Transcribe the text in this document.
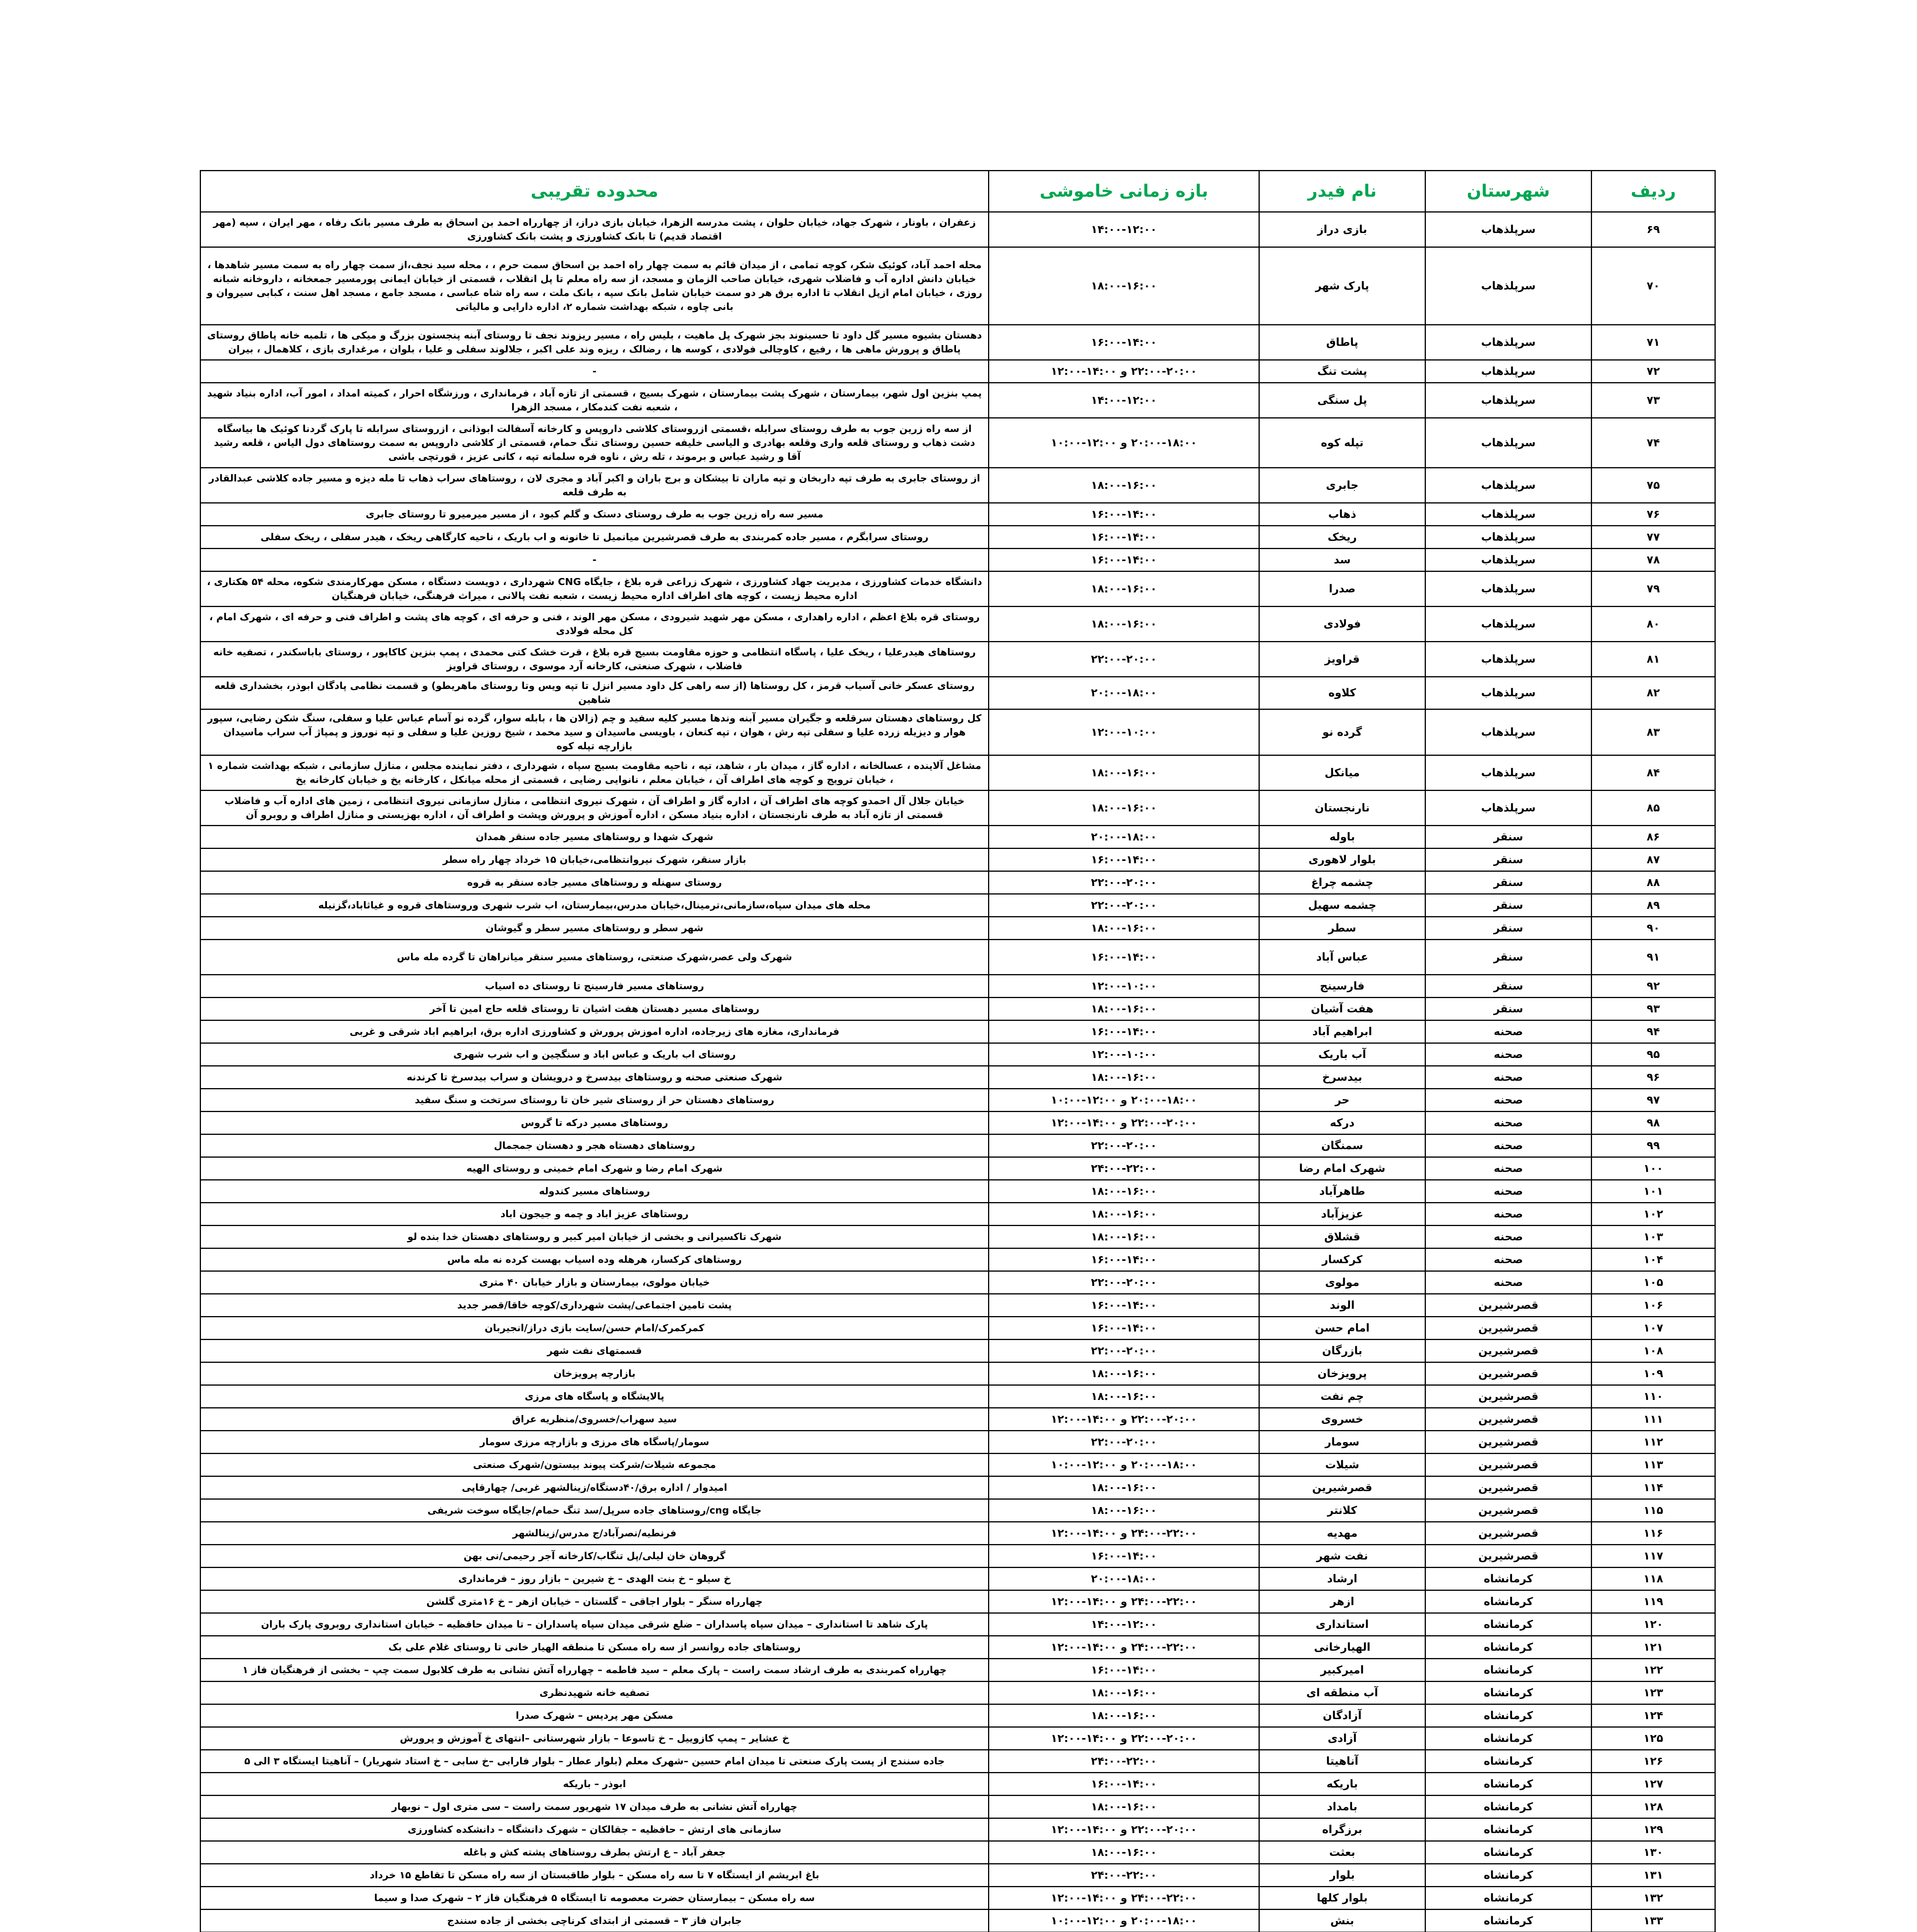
ردیف	شهرستان	نام فیدر	بازه زمانی خاموشی	محدوده تقریبی
۶۹	سرپلذهاب	بازی دراز	۱۴:۰۰-۱۲:۰۰	زعفران ، باونار ، شهرک جهاد، خیابان حلوان ، پشت مدرسه الزهرا، خیابان بازی دراز، از چهارراه احمد بن اسحاق به طرف مسیر بانک رفاه ، مهر ایران ، سپه (مهر اقتصاد قدیم) تا بانک کشاورزی و پشت بانک کشاورزی
۷۰	سرپلذهاب	پارک شهر	۱۸:۰۰-۱۶:۰۰	محله احمد آباد، کوئیک شکر، کوچه تمامی ، از میدان قائم به سمت چهار راه احمد بن اسحاق سمت حرم ، ، محله سید نجف،از سمت چهار راه به سمت مسیر شاهدها ، خیابان دانش اداره آب و فاضلاب شهری، خیابان صاحب الزمان و مسجد، از سه راه معلم تا پل انقلاب ، قسمتی از خیابان ایمانی پورمسیر جمعخانه ، داروخانه شبانه روزی ، خیابان امام ازپل انقلاب تا اداره برق هر دو سمت خیابان شامل بانک سپه ، بانک ملت ، سه راه شاه عباسی ، مسجد جامع ، مسجد اهل سنت ، کبابی سیروان و بانی چاوه ، شبکه بهداشت شماره ۲، اداره دارایی و مالیاتی
۷۱	سرپلذهاب	پاطاق	۱۶:۰۰-۱۴:۰۰	دهستان بشیوه مسیر گل داود تا حسینوند بجز شهرک پل ماهیت ، بلیس راه ، مسیر ریزوند نجف تا روستای آبنه پنجستون بزرگ و میکی ها ، تلمبه خانه پاطاق روستای پاطاق و پرورش ماهی ها ، رفیع ، کاوچالی فولادی ، کوسه ها ، رضالک ، ریزه وند علی اکبر ، جلالوند سفلی و علیا ، بلوان ، مرغداری بازی ، کلاهمال ، بیران
۷۲	سرپلذهاب	پشت تنگ	۲۲:۰۰-۲۰:۰۰ و ۱۴:۰۰-۱۲:۰۰	-
۷۳	سرپلذهاب	پل سنگی	۱۴:۰۰-۱۲:۰۰	پمپ بنزین اول شهر، بیمارستان ، شهرک پشت بیمارستان ، شهرک بسیج ، قسمتی از تازه آباد ، فرمانداری ، ورزشگاه احرار ، کمیته امداد ، امور آب، اداره بنیاد شهید ، شعبه نفت کندمکار ، مسجد الزهرا
۷۴	سرپلذهاب	تپله کوه	۲۰:۰۰-۱۸:۰۰ و ۱۲:۰۰-۱۰:۰۰	از سه راه زرین جوب به طرف روستای سرابله ،قسمتی ازروستای کلاشی داروپس و کارخانه آسفالت ابوذانی ، ازروستای سرابله تا پارک گردنا کوئیک ها بیاسگاه دشت ذهاب و روستای قلعه واری وقلعه بهادری و الیاسی خلیفه حسین روستای تنگ حمام، قسمتی از کلاشی داروپس به سمت روستاهای دول الیاس ، قلعه رشید آقا و رشید عباس و برموند ، تله رش ، ناوه فره سلمانه تپه ، کانی عزیز ، قورتچی باشی
۷۵	سرپلذهاب	جابری	۱۸:۰۰-۱۶:۰۰	از روستای جابری به طرف تپه داربخان و تپه ماران تا بیشکان و برج باران و اکبر آباد و مجری لان ، روستاهای سراب ذهاب تا مله دیزه و مسیر جاده کلاشی عبدالقادر به طرف قلعه
۷۶	سرپلذهاب	ذهاب	۱۶:۰۰-۱۴:۰۰	مسیر سه راه زرین جوب به طرف روستای دستک و گلم کبود ، از مسیر میرمیرو تا روستای جابری
۷۷	سرپلذهاب	ریخک	۱۶:۰۰-۱۴:۰۰	روستای سرابگرم ، مسیر جاده کمربندی به طرف قصرشیرین میانمیل تا خانونه و اب باریک ، ناحیه کارگاهی ریخک ، هیدر سفلی ، ریخک سفلی
۷۸	سرپلذهاب	سد	۱۶:۰۰-۱۴:۰۰	-
۷۹	سرپلذهاب	صدرا	۱۸:۰۰-۱۶:۰۰	دانشگاه خدمات کشاورزی ، مدیریت جهاد کشاورزی ، شهرک زراعی قره بلاغ ، جایگاه CNG شهرداری ، دویست دستگاه ، مسکن مهرکارمندی شکوه، محله ۵۴ هکتاری ، اداره محیط زیست ، کوچه های اطراف اداره محیط زیست ، شعبه نفت پالانی ، میراث فرهنگی، خیابان فرهنگیان
۸۰	سرپلذهاب	فولادی	۱۸:۰۰-۱۶:۰۰	روستای قره بلاغ اعظم ، اداره راهداری ، مسکن مهر شهید شیرودی ، مسکن مهر الوند ، فنی و حرفه ای ، کوچه های پشت و اطراف فنی و حرفه ای ، شهرک امام ، کل محله فولادی
۸۱	سرپلذهاب	قراویز	۲۲:۰۰-۲۰:۰۰	روستاهای هیدرعلیا ، ریخک علیا ، پاسگاه انتظامی و حوزه مقاومت بسیج قره بلاغ ، قرت خشک کتی محمدی ، پمپ بنزین کاکاپور ، روستای باباسکندر ، تصفیه خانه فاضلاب ، شهرک صنعتی، کارخانه آرد موسوی ، روستای قراویز
۸۲	سرپلذهاب	کلاوه	۲۰:۰۰-۱۸:۰۰	روستای عسکر خانی آسیاب قرمز ، کل روستاها (از سه راهی کل داود مسیر انزل تا تپه ویس وتا روستای ماهریطو) و قسمت نظامی پادگان ابوذر، بخشداری قلعه شاهین
۸۳	سرپلذهاب	گرده نو	۱۲:۰۰-۱۰:۰۰	کل روستاهای دهستان سرقلعه و جگیران مسیر آبنه وندها مسیر کلیه سفید و چم (زالان ها ، بابله سوار، گرده نو آسام عباس علیا و سفلی، سنگ شکن رضایی، سپور هوار و دیزیله زرده علیا و سفلی تپه رش ، هوان ، تپه کنعان ، باویسی ماسیدان و سید محمد ، شیخ روزین علیا و سفلی و تپه نوروز و پمپاژ آب سراب ماسیدان بازارچه تپله کوه
۸۴	سرپلذهاب	میانکل	۱۸:۰۰-۱۶:۰۰	مشاغل آلاینده ، عسالخانه ، اداره گاز ، میدان بار ، شاهد، تپه ، ناحیه مقاومت بسیج سپاه ، شهرداری ، دفتر نماینده مجلس ، منازل سازمانی ، شبکه بهداشت شماره ۱ ، خیابان ترویج و کوچه های اطراف آن ، خیابان معلم ، نانوایی رضایی ، قسمتی از محله میانکل ، کارخانه یخ و خیابان کارخانه یخ
۸۵	سرپلذهاب	نارنجستان	۱۸:۰۰-۱۶:۰۰	خیابان جلال آل احمدو کوچه های اطراف آن ، اداره گاز و اطراف آن ، شهرک نیروی انتظامی ، منازل سازمانی نیروی انتظامی ، زمین های اداره آب و فاضلاب قسمتی از تازه آباد به طرف نارنجستان ، اداره بنیاد مسکن ، اداره آموزش و پرورش وپشت و اطراف آن ، اداره بهزیستی و منازل اطراف و روبرو آن
۸۶	سنقر	باوله	۲۰:۰۰-۱۸:۰۰	شهرک شهدا و روستاهای مسیر جاده سنقر همدان
۸۷	سنقر	بلوار لاهوری	۱۶:۰۰-۱۴:۰۰	بازار سنقر، شهرک نیروانتظامی،خیابان ۱۵ خرداد چهار راه سطر
۸۸	سنقر	چشمه چراغ	۲۲:۰۰-۲۰:۰۰	روستای سهنله و روستاهای مسیر جاده سنقر به قروه
۸۹	سنقر	چشمه سهیل	۲۲:۰۰-۲۰:۰۰	محله های میدان سپاه،سازمانی،ترمینال،خیابان مدرس،بیمارستان، اب شرب شهری وروستاهای قروه و غیاثاباد،گزنیله
۹۰	سنقر	سطر	۱۸:۰۰-۱۶:۰۰	شهر سطر و روستاهای مسیر سطر و گیوشان
۹۱	سنقر	عباس آباد	۱۶:۰۰-۱۴:۰۰	شهرک ولی عصر،شهرک صنعتی، روستاهای مسیر سنقر میانراهان تا گرده مله ماس
۹۲	سنقر	فارسینج	۱۲:۰۰-۱۰:۰۰	روستاهای مسیر فارسینج تا روستای ده اسیاب
۹۳	سنقر	هفت آشیان	۱۸:۰۰-۱۶:۰۰	روستاهای مسیر دهستان هفت اشیان تا روستای قلعه حاج امین تا آخر
۹۴	صحنه	ابراهیم آباد	۱۶:۰۰-۱۴:۰۰	فرمانداری، مغازه های زیرجاده، اداره اموزش پرورش و کشاورزی اداره برق، ابراهیم اباد شرقی و غربی
۹۵	صحنه	آب باریک	۱۲:۰۰-۱۰:۰۰	روستای اب باریک و عباس اباد و سنگچین و اب شرب شهری
۹۶	صحنه	بیدسرخ	۱۸:۰۰-۱۶:۰۰	شهرک صنعتی صحنه و روستاهای بیدسرخ و درویشان و سراب بیدسرخ تا کرندنه
۹۷	صحنه	حر	۲۰:۰۰-۱۸:۰۰ و ۱۲:۰۰-۱۰:۰۰	روستاهای دهستان حر از روستای شیر خان تا روستای سرتخت و سنگ سفید
۹۸	صحنه	درکه	۲۲:۰۰-۲۰:۰۰ و ۱۴:۰۰-۱۲:۰۰	روستاهای مسیر درکه تا گروس
۹۹	صحنه	سمنگان	۲۲:۰۰-۲۰:۰۰	روستاهای دهستاه هجر و دهستان جمجمال
۱۰۰	صحنه	شهرک امام رضا	۲۴:۰۰-۲۲:۰۰	شهرک امام رضا و شهرک امام خمینی و روستای الهیه
۱۰۱	صحنه	طاهرآباد	۱۸:۰۰-۱۶:۰۰	روستاهای مسیر کندوله
۱۰۲	صحنه	عزیزآباد	۱۸:۰۰-۱۶:۰۰	روستاهای عزیز اباد و چمه و جیجون اباد
۱۰۳	صحنه	قشلاق	۱۸:۰۰-۱۶:۰۰	شهرک تاکسیرانی و بخشی از خیابان امیر کبیر و روستاهای دهستان خدا بنده لو
۱۰۴	صحنه	کرکسار	۱۶:۰۰-۱۴:۰۰	روستاهای کرکسار، هرهله وده اسیاب بهست کرده نه مله ماس
۱۰۵	صحنه	مولوی	۲۲:۰۰-۲۰:۰۰	خیابان مولوی، بیمارستان و بازار خیابان ۴۰ متری
۱۰۶	قصرشیرین	الوند	۱۶:۰۰-۱۴:۰۰	پشت تامین اجتماعی/پشت شهرداری/کوچه خاقا/قصر جدید
۱۰۷	قصرشیرین	امام حسن	۱۶:۰۰-۱۴:۰۰	کمرکمرک/امام حسن/سایت بازی دراز/انجیربان
۱۰۸	قصرشیرین	بازرگان	۲۲:۰۰-۲۰:۰۰	قسمتهای نفت شهر
۱۰۹	قصرشیرین	پرویزخان	۱۸:۰۰-۱۶:۰۰	بازارچه پرویزخان
۱۱۰	قصرشیرین	چم نفت	۱۸:۰۰-۱۶:۰۰	پالایشگاه و پاسگاه های مرزی
۱۱۱	قصرشیرین	خسروی	۲۲:۰۰-۲۰:۰۰ و ۱۴:۰۰-۱۲:۰۰	سید سهراب/خسروی/منظریه عراق
۱۱۲	قصرشیرین	سومار	۲۲:۰۰-۲۰:۰۰	سومار/پاسگاه های مرزی و بازارچه مرزی سومار
۱۱۳	قصرشیرین	شیلات	۲۰:۰۰-۱۸:۰۰ و ۱۲:۰۰-۱۰:۰۰	مجموعه شیلات/شرکت پیوند بیستون/شهرک صنعتی
۱۱۴	قصرشیرین	قصرشیرین	۱۸:۰۰-۱۶:۰۰	امیدوار / اداره برق/۴۰دستگاه/زینالشهر غربی/ چهارقاپی
۱۱۵	قصرشیرین	کلانتر	۱۸:۰۰-۱۶:۰۰	جایگاه cng/روستاهای جاده سرپل/سد تنگ حمام/جایگاه سوخت شریفی
۱۱۶	قصرشیرین	مهدیه	۲۴:۰۰-۲۲:۰۰ و ۱۴:۰۰-۱۲:۰۰	فرنطیه/نصرآباد/ج مدرس/زینالشهر
۱۱۷	قصرشیرین	نفت شهر	۱۶:۰۰-۱۴:۰۰	گروهان خان لیلی/پل تنگاب/کارخانه آجر رحیمی/نی بهن
۱۱۸	کرمانشاه	ارشاد	۲۰:۰۰-۱۸:۰۰	خ سیلو – خ بنت الهدی – خ شیرین – بازار روز – فرمانداری
۱۱۹	کرمانشاه	ازهر	۲۴:۰۰-۲۲:۰۰ و ۱۴:۰۰-۱۲:۰۰	چهارراه سنگر – بلوار اجاقی – گلستان – خیابان ازهر – خ ۱۶متری گلشن
۱۲۰	کرمانشاه	استانداری	۱۴:۰۰-۱۲:۰۰	پارک شاهد تا استانداری – میدان سپاه پاسداران – ضلع شرقی میدان سپاه پاسداران – تا میدان حافظیه – خیابان استانداری روبروی پارک باران
۱۲۱	کرمانشاه	الهیارخانی	۲۴:۰۰-۲۲:۰۰ و ۱۴:۰۰-۱۲:۰۰	روستاهای جاده روانسر از سه راه مسکن تا منطقه الهیار خانی تا روستای غلام علی بک
۱۲۲	کرمانشاه	امیرکبیر	۱۶:۰۰-۱۴:۰۰	چهارراه کمربندی به طرف ارشاد سمت راست – پارک معلم – سید فاطمه – چهارراه آتش نشانی به طرف کلابول سمت چپ – بخشی از فرهنگیان فاز ۱
۱۲۳	کرمانشاه	آب منطقه ای	۱۸:۰۰-۱۶:۰۰	تصفیه خانه شهیدنظری
۱۲۴	کرمانشاه	آزادگان	۱۸:۰۰-۱۶:۰۰	مسکن مهر پردیس – شهرک صدرا
۱۲۵	کرمانشاه	آزادی	۲۲:۰۰-۲۰:۰۰ و ۱۴:۰۰-۱۲:۰۰	خ عشایر – پمپ کازوییل – خ تاسوعا – بازار شهرستانی –انتهای خ آموزش و پرورش
۱۲۶	کرمانشاه	آناهیتا	۲۴:۰۰-۲۲:۰۰	جاده سنندج از پست پارک صنعتی تا میدان امام حسین –شهرک معلم (بلوار عطار – بلوار فارابی –خ سابی – خ استاد شهریار) – آناهیتا ایستگاه ۳ الی ۵
۱۲۷	کرمانشاه	باریکه	۱۶:۰۰-۱۴:۰۰	ابوذر – باریکه
۱۲۸	کرمانشاه	بامداد	۱۸:۰۰-۱۶:۰۰	چهارراه آتش نشانی به طرف میدان ۱۷ شهریور سمت راست – سی متری اول – نوبهار
۱۲۹	کرمانشاه	برزگراه	۲۲:۰۰-۲۰:۰۰ و ۱۴:۰۰-۱۲:۰۰	سازمانی های ارتش – حافظیه – جقالکان – شهرک دانشگاه – دانشکده کشاورزی
۱۳۰	کرمانشاه	بعثت	۱۸:۰۰-۱۶:۰۰	جعفر آباد – ع ارتش بطرف روستاهای پشته کش و باغله
۱۳۱	کرمانشاه	بلوار	۲۴:۰۰-۲۲:۰۰	باغ ابریشم از ایستگاه ۷ تا سه راه مسکن – بلوار طاقبستان از سه راه مسکن تا تقاطع ۱۵ خرداد
۱۳۲	کرمانشاه	بلوار کلها	۲۴:۰۰-۲۲:۰۰ و ۱۴:۰۰-۱۲:۰۰	سه راه مسکن – بیمارستان حضرت معصومه تا ایستگاه ۵ فرهنگیان فاز ۲ – شهرک صدا و سیما
۱۳۳	کرمانشاه	بنش	۲۰:۰۰-۱۸:۰۰ و ۱۲:۰۰-۱۰:۰۰	جابران فاز ۳ – قسمتی از ابتدای کرناچی بخشی از جاده سنندج
